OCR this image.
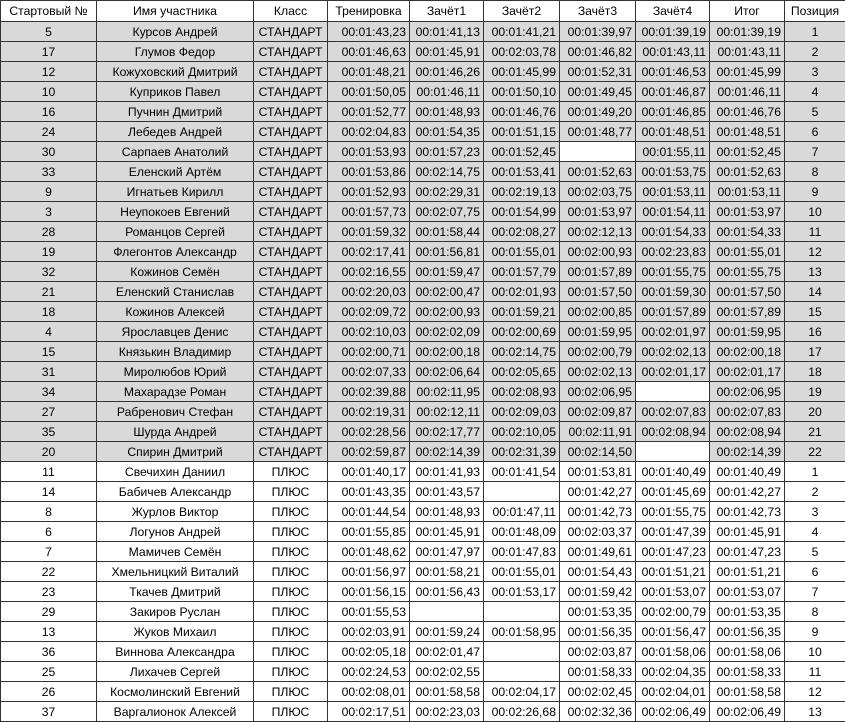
Стартовый №	Имя участника	Класс	Тренировка	Зачёт1	Зачёт2	Зачёт3	Зачёт4	Итог	Позиция
5	Курсов Андрей	СТАНДАРТ	00:01:43,23	00:01:41,13	00:01:41,21	00:01:39,97	00:01:39,19	00:01:39,19	1
17	Глумов Федор	СТАНДАРТ	00:01:46,63	00:01:45,91	00:02:03,78	00:01:46,82	00:01:43,11	00:01:43,11	2
12	Кожуховский Дмитрий	СТАНДАРТ	00:01:48,21	00:01:46,26	00:01:45,99	00:01:52,31	00:01:46,53	00:01:45,99	3
10	Куприков Павел	СТАНДАРТ	00:01:50,05	00:01:46,11	00:01:50,10	00:01:49,45	00:01:46,87	00:01:46,11	4
16	Пучнин Дмитрий	СТАНДАРТ	00:01:52,77	00:01:48,93	00:01:46,76	00:01:49,20	00:01:46,85	00:01:46,76	5
24	Лебедев Андрей	СТАНДАРТ	00:02:04,83	00:01:54,35	00:01:51,15	00:01:48,77	00:01:48,51	00:01:48,51	6
30	Сарпаев Анатолий	СТАНДАРТ	00:01:53,93	00:01:57,23	00:01:52,45		00:01:55,11	00:01:52,45	7
33	Еленский Артём	СТАНДАРТ	00:01:53,86	00:02:14,75	00:01:53,41	00:01:52,63	00:01:53,75	00:01:52,63	8
9	Игнатьев Кирилл	СТАНДАРТ	00:01:52,93	00:02:29,31	00:02:19,13	00:02:03,75	00:01:53,11	00:01:53,11	9
3	Неупокоев Евгений	СТАНДАРТ	00:01:57,73	00:02:07,75	00:01:54,99	00:01:53,97	00:01:54,11	00:01:53,97	10
28	Романцов Сергей	СТАНДАРТ	00:01:59,32	00:01:58,44	00:02:08,27	00:02:12,13	00:01:54,33	00:01:54,33	11
19	Флегонтов Александр	СТАНДАРТ	00:02:17,41	00:01:56,81	00:01:55,01	00:02:00,93	00:02:23,83	00:01:55,01	12
32	Кожинов Семён	СТАНДАРТ	00:02:16,55	00:01:59,47	00:01:57,79	00:01:57,89	00:01:55,75	00:01:55,75	13
21	Еленский Станислав	СТАНДАРТ	00:02:20,03	00:02:00,47	00:02:01,93	00:01:57,50	00:01:59,30	00:01:57,50	14
18	Кожинов Алексей	СТАНДАРТ	00:02:09,72	00:02:00,93	00:01:59,21	00:02:00,85	00:01:57,89	00:01:57,89	15
4	Ярославцев Денис	СТАНДАРТ	00:02:10,03	00:02:02,09	00:02:00,69	00:01:59,95	00:02:01,97	00:01:59,95	16
15	Князькин Владимир	СТАНДАРТ	00:02:00,71	00:02:00,18	00:02:14,75	00:02:00,79	00:02:02,13	00:02:00,18	17
31	Миролюбов Юрий	СТАНДАРТ	00:02:07,33	00:02:06,64	00:02:05,65	00:02:02,13	00:02:01,17	00:02:01,17	18
34	Махарадзе Роман	СТАНДАРТ	00:02:39,88	00:02:11,95	00:02:08,93	00:02:06,95		00:02:06,95	19
27	Рабренович Стефан	СТАНДАРТ	00:02:19,31	00:02:12,11	00:02:09,03	00:02:09,87	00:02:07,83	00:02:07,83	20
35	Шурда Андрей	СТАНДАРТ	00:02:28,56	00:02:17,77	00:02:10,05	00:02:11,91	00:02:08,94	00:02:08,94	21
20	Спирин Дмитрий	СТАНДАРТ	00:02:59,87	00:02:14,39	00:02:31,39	00:02:14,50		00:02:14,39	22
11	Свечихин Даниил	ПЛЮС	00:01:40,17	00:01:41,93	00:01:41,54	00:01:53,81	00:01:40,49	00:01:40,49	1
14	Бабичев Александр	ПЛЮС	00:01:43,35	00:01:43,57		00:01:42,27	00:01:45,69	00:01:42,27	2
8	Журлов Виктор	ПЛЮС	00:01:44,54	00:01:48,93	00:01:47,11	00:01:42,73	00:01:55,75	00:01:42,73	3
6	Логунов Андрей	ПЛЮС	00:01:55,85	00:01:45,91	00:01:48,09	00:02:03,37	00:01:47,39	00:01:45,91	4
7	Мамичев Семён	ПЛЮС	00:01:48,62	00:01:47,97	00:01:47,83	00:01:49,61	00:01:47,23	00:01:47,23	5
22	Хмельницкий Виталий	ПЛЮС	00:01:56,97	00:01:58,21	00:01:55,01	00:01:54,43	00:01:51,21	00:01:51,21	6
23	Ткачев Дмитрий	ПЛЮС	00:01:56,15	00:01:56,43	00:01:53,17	00:01:59,42	00:01:53,07	00:01:53,07	7
29	Закиров Руслан	ПЛЮС	00:01:55,53			00:01:53,35	00:02:00,79	00:01:53,35	8
13	Жуков Михаил	ПЛЮС	00:02:03,91	00:01:59,24	00:01:58,95	00:01:56,35	00:01:56,47	00:01:56,35	9
36	Виннова Александра	ПЛЮС	00:02:05,18	00:02:01,47		00:02:03,87	00:01:58,06	00:01:58,06	10
25	Лихачев Сергей	ПЛЮС	00:02:24,53	00:02:02,55		00:01:58,33	00:02:04,35	00:01:58,33	11
26	Космолинский Евгений	ПЛЮС	00:02:08,01	00:01:58,58	00:02:04,17	00:02:02,45	00:02:04,01	00:01:58,58	12
37	Варгалионок Алексей	ПЛЮС	00:02:17,51	00:02:23,03	00:02:26,68	00:02:32,36	00:02:06,49	00:02:06,49	13
